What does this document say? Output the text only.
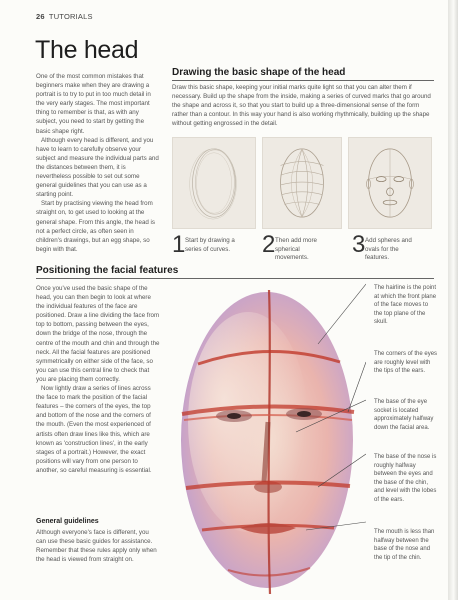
26 TUTORIALS
The head

One of the most common mistakes that beginners make when they are drawing a portrait is to try to put in too much detail in the very early stages. The most important thing to remember is that, as with any subject, you need to start by getting the basic shape right.

Although every head is different, and you have to learn to carefully observe your subject and measure the individual parts and the distances between them, it is nevertheless possible to set out some general guidelines that you can use as a starting point.

Start by practising viewing the head from straight on, to get used to looking at the general shape. From this angle, the head is not a perfect circle, as often seen in children's drawings, but an egg shape, so begin with that.

Drawing the basic shape of the head
Draw this basic shape, keeping your initial marks quite light so that you can alter them if necessary. Build up the shape from the inside, making a series of curved marks that go around the shape and across it, so that you start to build up a three-dimensional sense of the form rather than a contour. In this way your hand is also working rhythmically, building up the shape without getting engrossed in the detail.
1 Start by drawing a series of curves.	2 Then add more spherical movements.	3 Add spheres and ovals for the features.
Positioning the facial features

Once you've used the basic shape of the head, you can then begin to look at where the individual features of the face are positioned. Draw a line dividing the face from top to bottom, passing between the eyes, down the bridge of the nose, through the centre of the mouth and chin and through the neck. All the facial features are positioned symmetrically on either side of the face, so you can use this central line to check that you are placing them correctly.

Now lightly draw a series of lines across the face to mark the position of the facial features – the corners of the eyes, the top and bottom of the nose and the corners of the mouth. (Even the most experienced of artists often draw lines like this, which are known as 'construction lines', in the early stages of a portrait.) However, the exact positions will vary from one person to another, so careful measuring is essential.

General guidelines
Although everyone's face is different, you can use these basic guides for assistance. Remember that these rules apply only when the head is viewed from straight on.
The hairline is the point at which the front plane of the face moves to the top plane of the skull.
The corners of the eyes are roughly level with the tips of the ears.
The base of the eye socket is located approximately halfway down the facial area.
The base of the nose is roughly halfway between the eyes and the base of the chin, and level with the lobes of the ears.
The mouth is less than halfway between the base of the nose and the tip of the chin.
